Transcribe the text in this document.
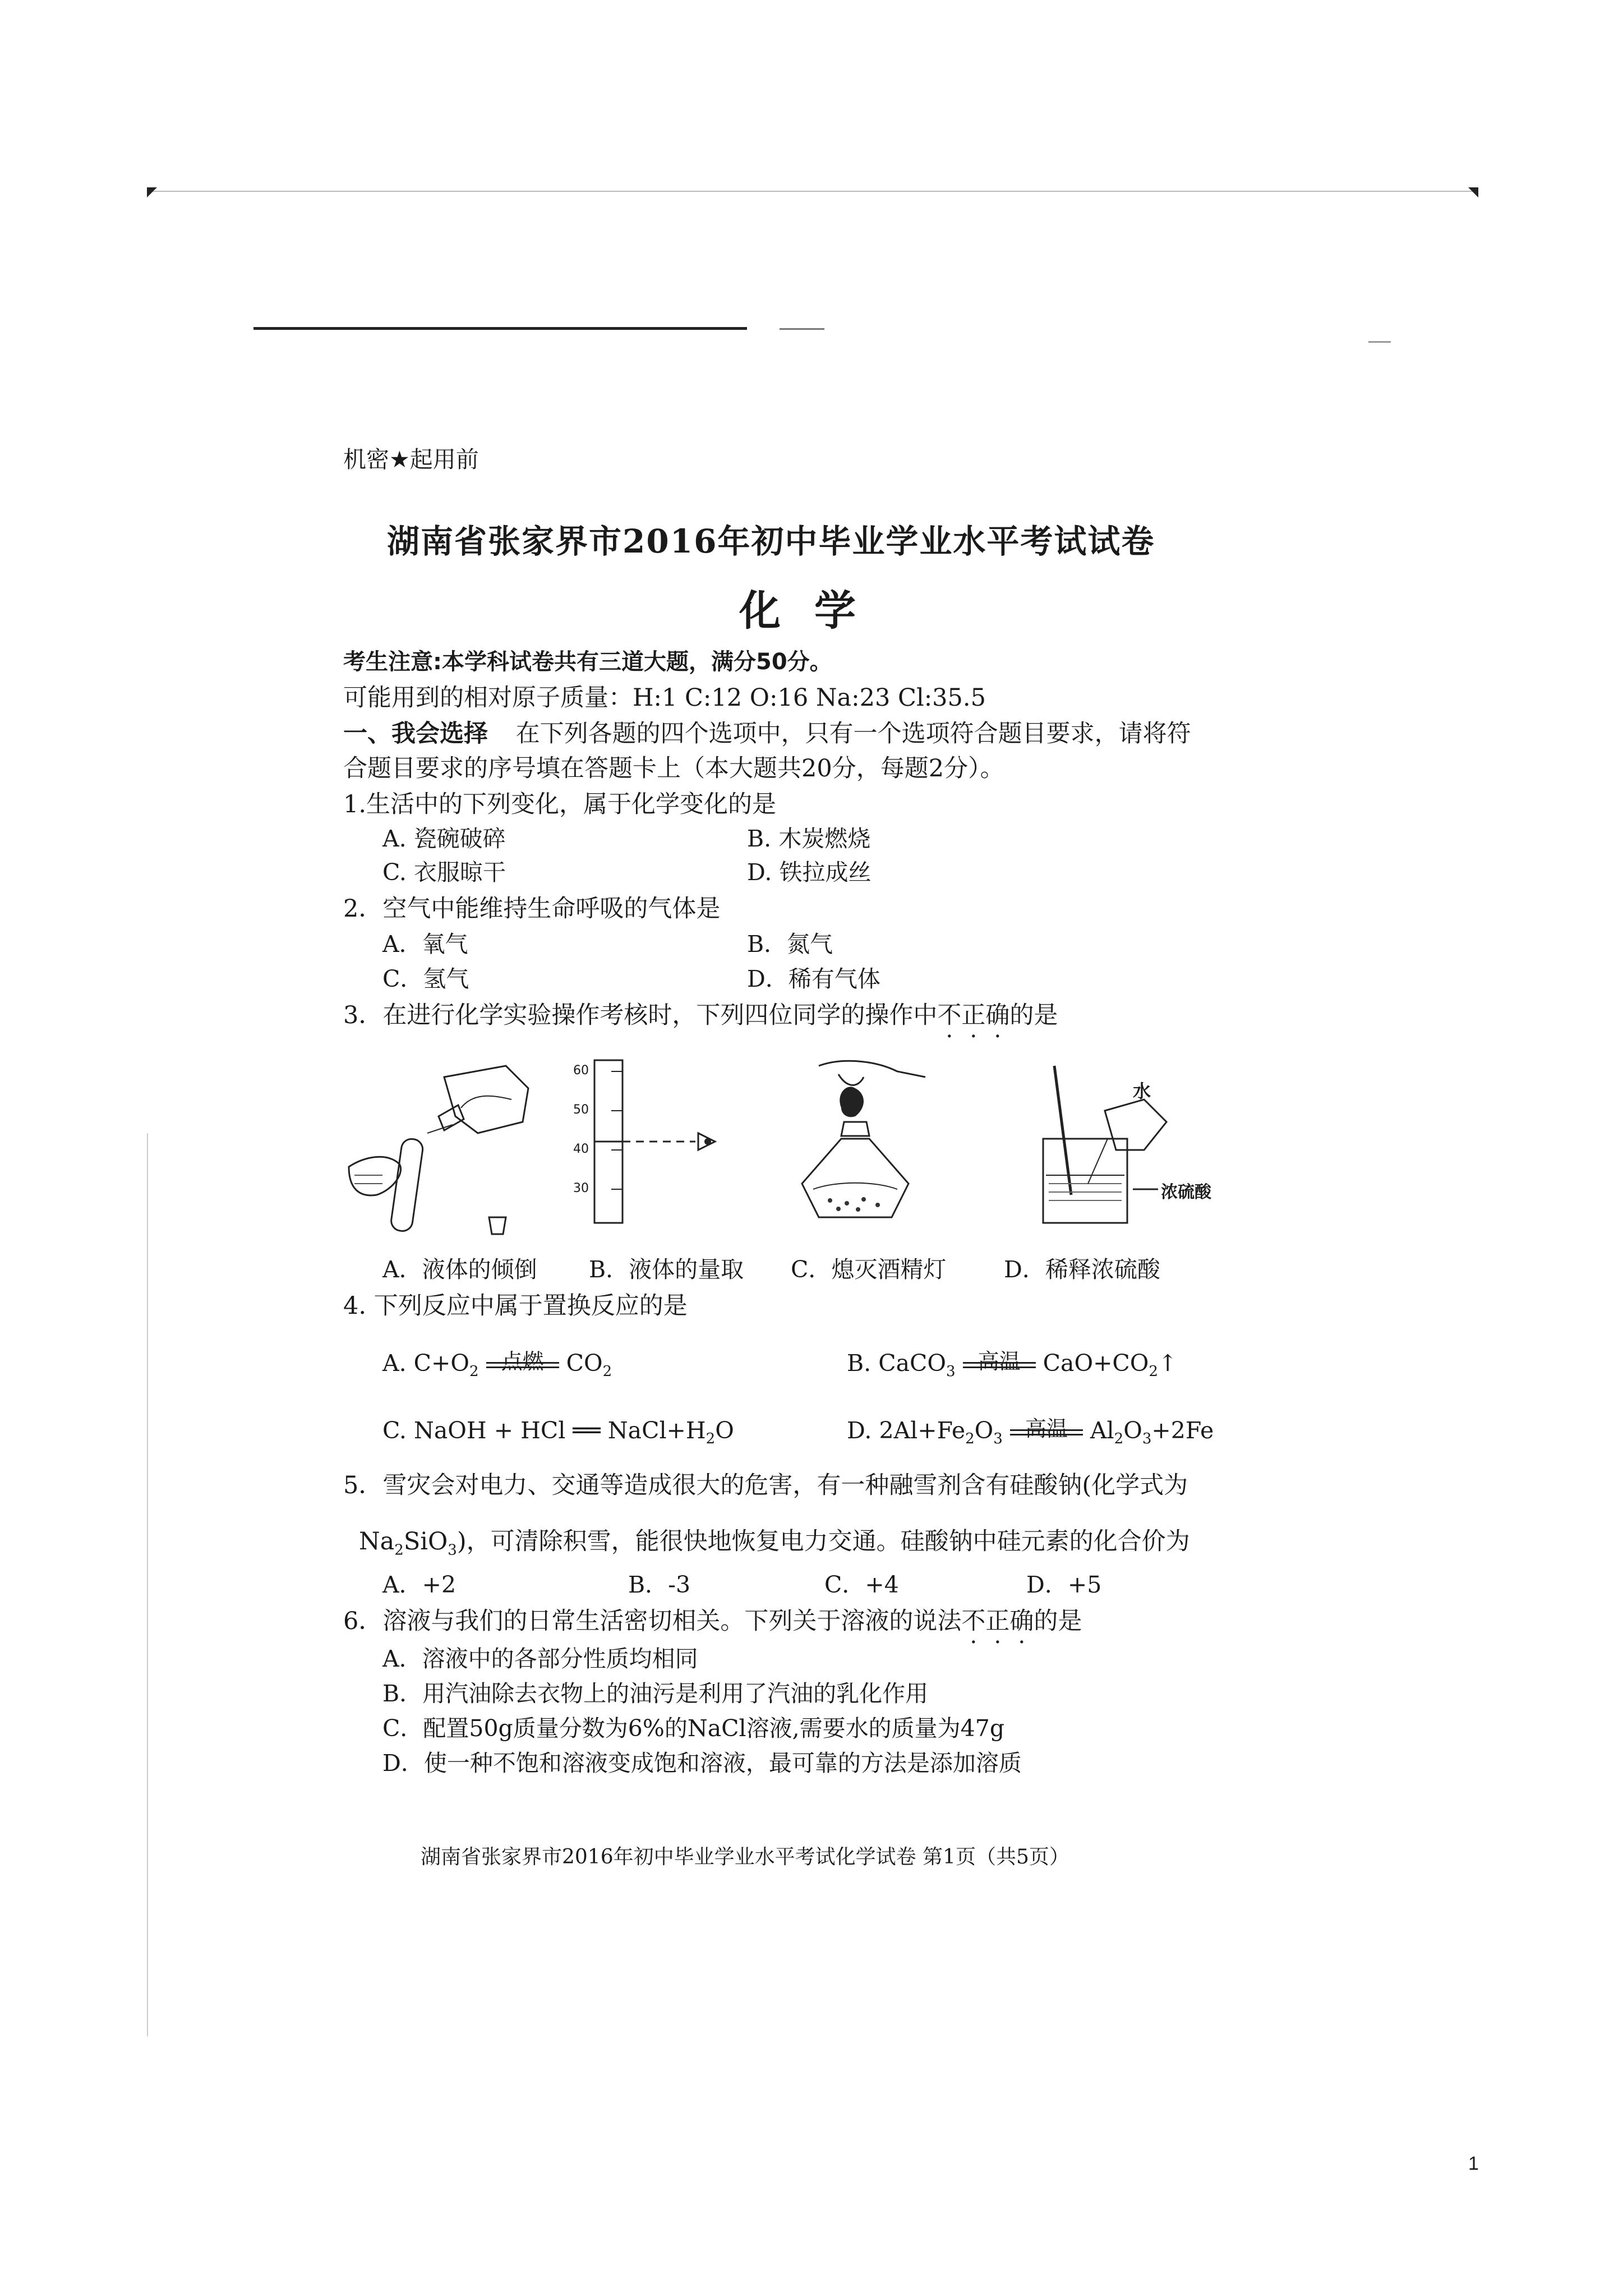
机密★起用前
湖南省张家界市2016年初中毕业学业水平考试试卷
化学
考生注意:本学科试卷共有三道大题，满分50分。
可能用到的相对原子质量：H:1 C:12 O:16 Na:23 Cl:35.5
一、我会选择 在下列各题的四个选项中，只有一个选项符合题目要求，请将符
合题目要求的序号填在答题卡上（本大题共20分，每题2分）。
1.生活中的下列变化，属于化学变化的是
A. 瓷碗破碎	B. 木炭燃烧
C. 衣服晾干	D. 铁拉成丝
2．空气中能维持生命呼吸的气体是
A．氧气	B．氮气
C．氢气	D．稀有气体
3．在进行化学实验操作考核时，下列四位同学的操作中不正确的是
60
50
40
30
水
浓硫酸
A．液体的倾倒 B．液体的量取 C．熄灭酒精灯	D．稀释浓硫酸
4. 下列反应中属于置换反应的是
A. $C+O_2$	点燃 $CO_2$	B. CaCO$_3$	高温 $CaO+CO_2↑$
C. NaOH + HCl ══ $NaCl+H_2O$	D. $2Al+Fe_2O_3$	高温 $Al_2O_3+2Fe$
5．雪灾会对电力、交通等造成很大的危害，有一种融雪剂含有硅酸钠(化学式为
$Na_2SiO_3$)，可清除积雪，能很快地恢复电力交通。硅酸钠中硅元素的化合价为
A．+2	B．-3	C．+4	D．+5
6．溶液与我们的日常生活密切相关。下列关于溶液的说法不正确的是
A．溶液中的各部分性质均相同
B．用汽油除去衣物上的油污是利用了汽油的乳化作用
C．配置50g质量分数为6%的NaCl溶液,需要水的质量为47g
D．使一种不饱和溶液变成饱和溶液，最可靠的方法是添加溶质
湖南省张家界市2016年初中毕业学业水平考试化学试卷 第1页（共5页）
1
